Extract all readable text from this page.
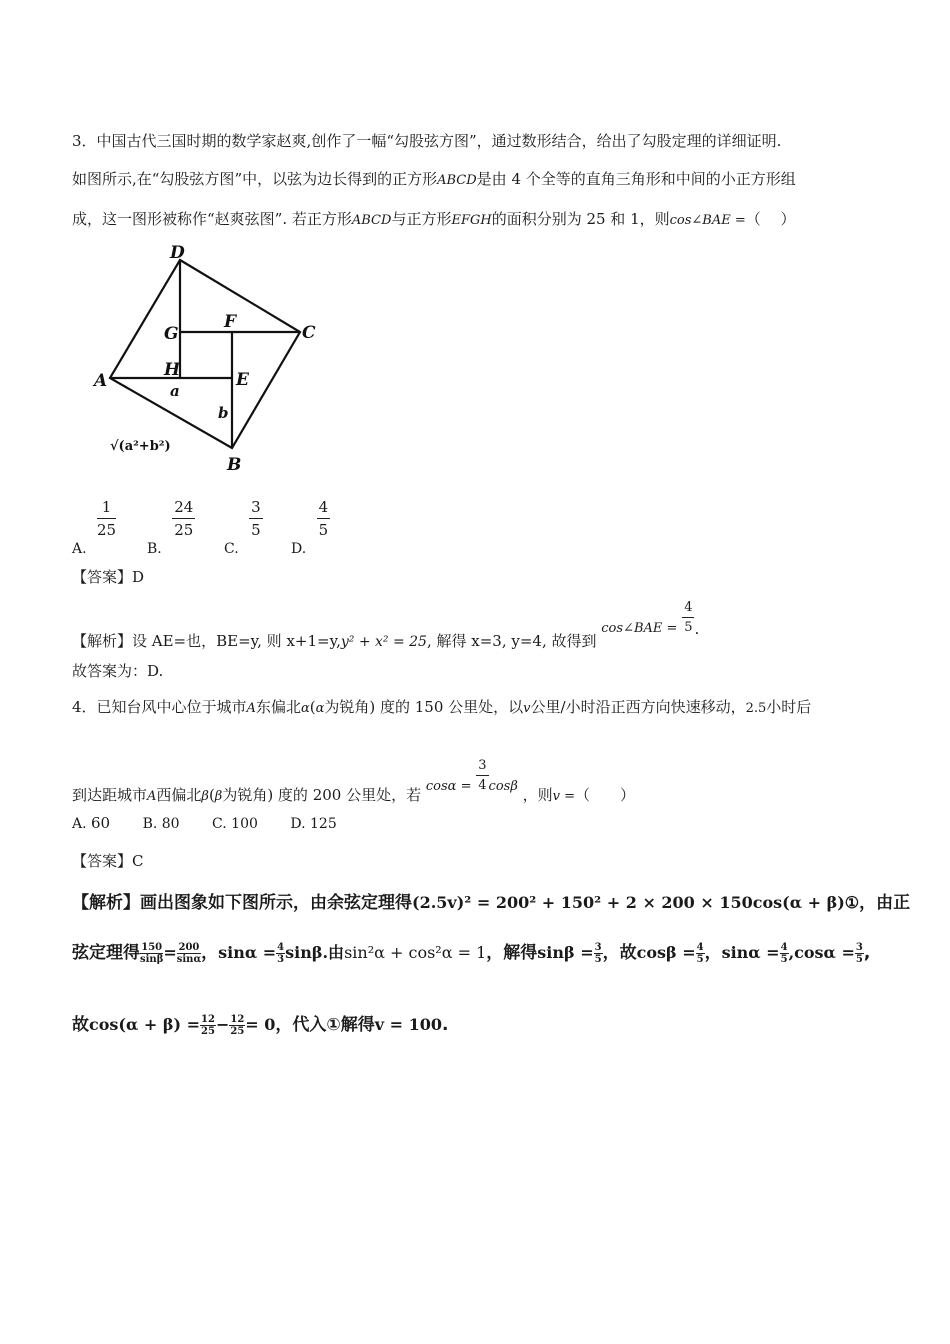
3．中国古代三国时期的数学家赵爽,创作了一幅“勾股弦方图”，通过数形结合，给出了勾股定理的详细证明.
如图所示,在“勾股弦方图”中，以弦为边长得到的正方形ABCD是由 4 个全等的直角三角形和中间的小正方形组
成，这一图形被称作“赵爽弦图”. 若正方形ABCD与正方形EFGH的面积分别为 25 和 1，则cos∠BAE =（　 ）
D
C
A
B
G
F
H	E
a
b
√(a²+b²)
A.
$\frac{1}{25}$
B.
$\frac{24}{25}$
C.
$\frac{3}{5}$
D.
$\frac{4}{5}$
【答案】D
【解析】设 AE=也，BE=y, 则 x+1=y,y² + x² = 25, 解得 x=3, y=4, 故得到 cos∠BAE = $\frac{4}{5}$ .
故答案为：D.
4．已知台风中心位于城市A东偏北α(α为锐角) 度的 150 公里处，以v公里/小时沿正西方向快速移动，2.5小时后
到达距城市A西偏北β(β为锐角) 度的 200 公里处，若 $\cos\alpha = \frac{3}{4}$ cosβ ，则v =（　　）
A. 60 B. 80 C. 100 D. 125
【答案】C
【解析】画出图象如下图所示，由余弦定理得(2.5v)² = 200² + 150² + 2 × 200 × 150cos(α + β)①，由正
弦定理得 $\frac{150}{\sin\beta} = \frac{200}{\sin\alpha}$ ，$\sin\alpha = \frac{4}{3} \sin\beta$.由sin²α + cos²α = 1，解得$\sin\beta = \frac{3}{5}$ ，故$\cos\beta = \frac{4}{5}$ ，$\sin\alpha = \frac{4}{5} ,\cos\alpha = \frac{3}{5}$ ,
故$\cos(\alpha + \beta) = \frac{12}{25} - \frac{12}{25} = 0$，代入①解得v = 100.
